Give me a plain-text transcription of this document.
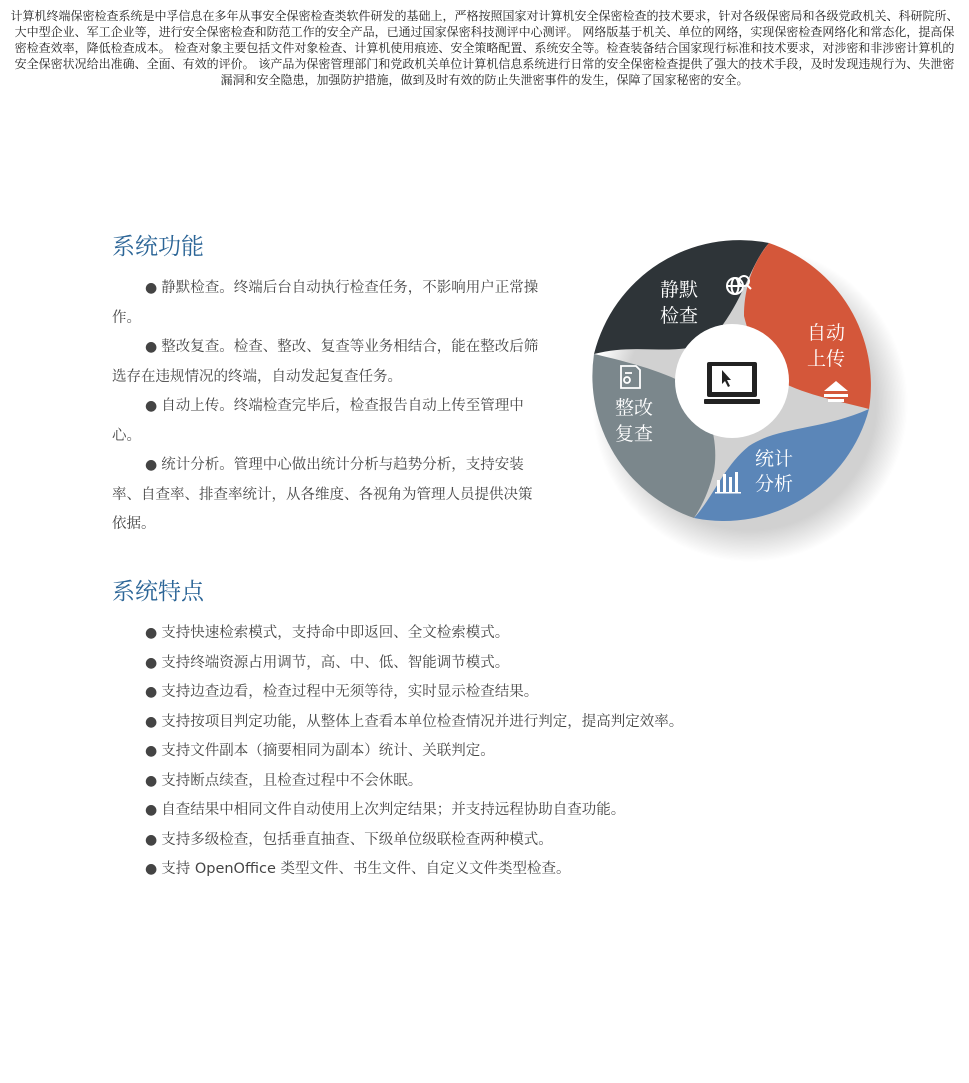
计算机终端保密检查系统是中孚信息在多年从事安全保密检查类软件研发的基础上，严格按照国家对计算机安全保密检查的技术要求，针对各级保密局和各级党政机关、科研院所、大中型企业、军工企业等，进行安全保密检查和防范工作的安全产品，已通过国家保密科技测评中心测评。 网络版基于机关、单位的网络，实现保密检查网络化和常态化，提高保密检查效率，降低检查成本。 检查对象主要包括文件对象检查、计算机使用痕迹、安全策略配置、系统安全等。检查装备结合国家现行标准和技术要求，对涉密和非涉密计算机的安全保密状况给出准确、全面、有效的评价。 该产品为保密管理部门和党政机关单位计算机信息系统进行日常的安全保密检查提供了强大的技术手段，及时发现违规行为、失泄密漏洞和安全隐患，加强防护措施，做到及时有效的防止失泄密事件的发生，保障了国家秘密的安全。
系统功能

● 静默检查。终端后台自动执行检查任务，不影响用户正常操作。

● 整改复查。检查、整改、复查等业务相结合，能在整改后筛选存在违规情况的终端，自动发起复查任务。

● 自动上传。终端检查完毕后，检查报告自动上传至管理中心。

● 统计分析。管理中心做出统计分析与趋势分析，支持安装率、自查率、排查率统计，从各维度、各视角为管理人员提供决策依据。

静默
检查
自动
上传
统计
分析
整改
复查
系统特点
● 支持快速检索模式，支持命中即返回、全文检索模式。
● 支持终端资源占用调节，高、中、低、智能调节模式。
● 支持边查边看，检查过程中无须等待，实时显示检查结果。
● 支持按项目判定功能，从整体上查看本单位检查情况并进行判定，提高判定效率。
● 支持文件副本（摘要相同为副本）统计、关联判定。
● 支持断点续查，且检查过程中不会休眠。
● 自查结果中相同文件自动使用上次判定结果；并支持远程协助自查功能。
● 支持多级检查，包括垂直抽查、下级单位级联检查两种模式。
● 支持 OpenOffice 类型文件、书生文件、自定义文件类型检查。
